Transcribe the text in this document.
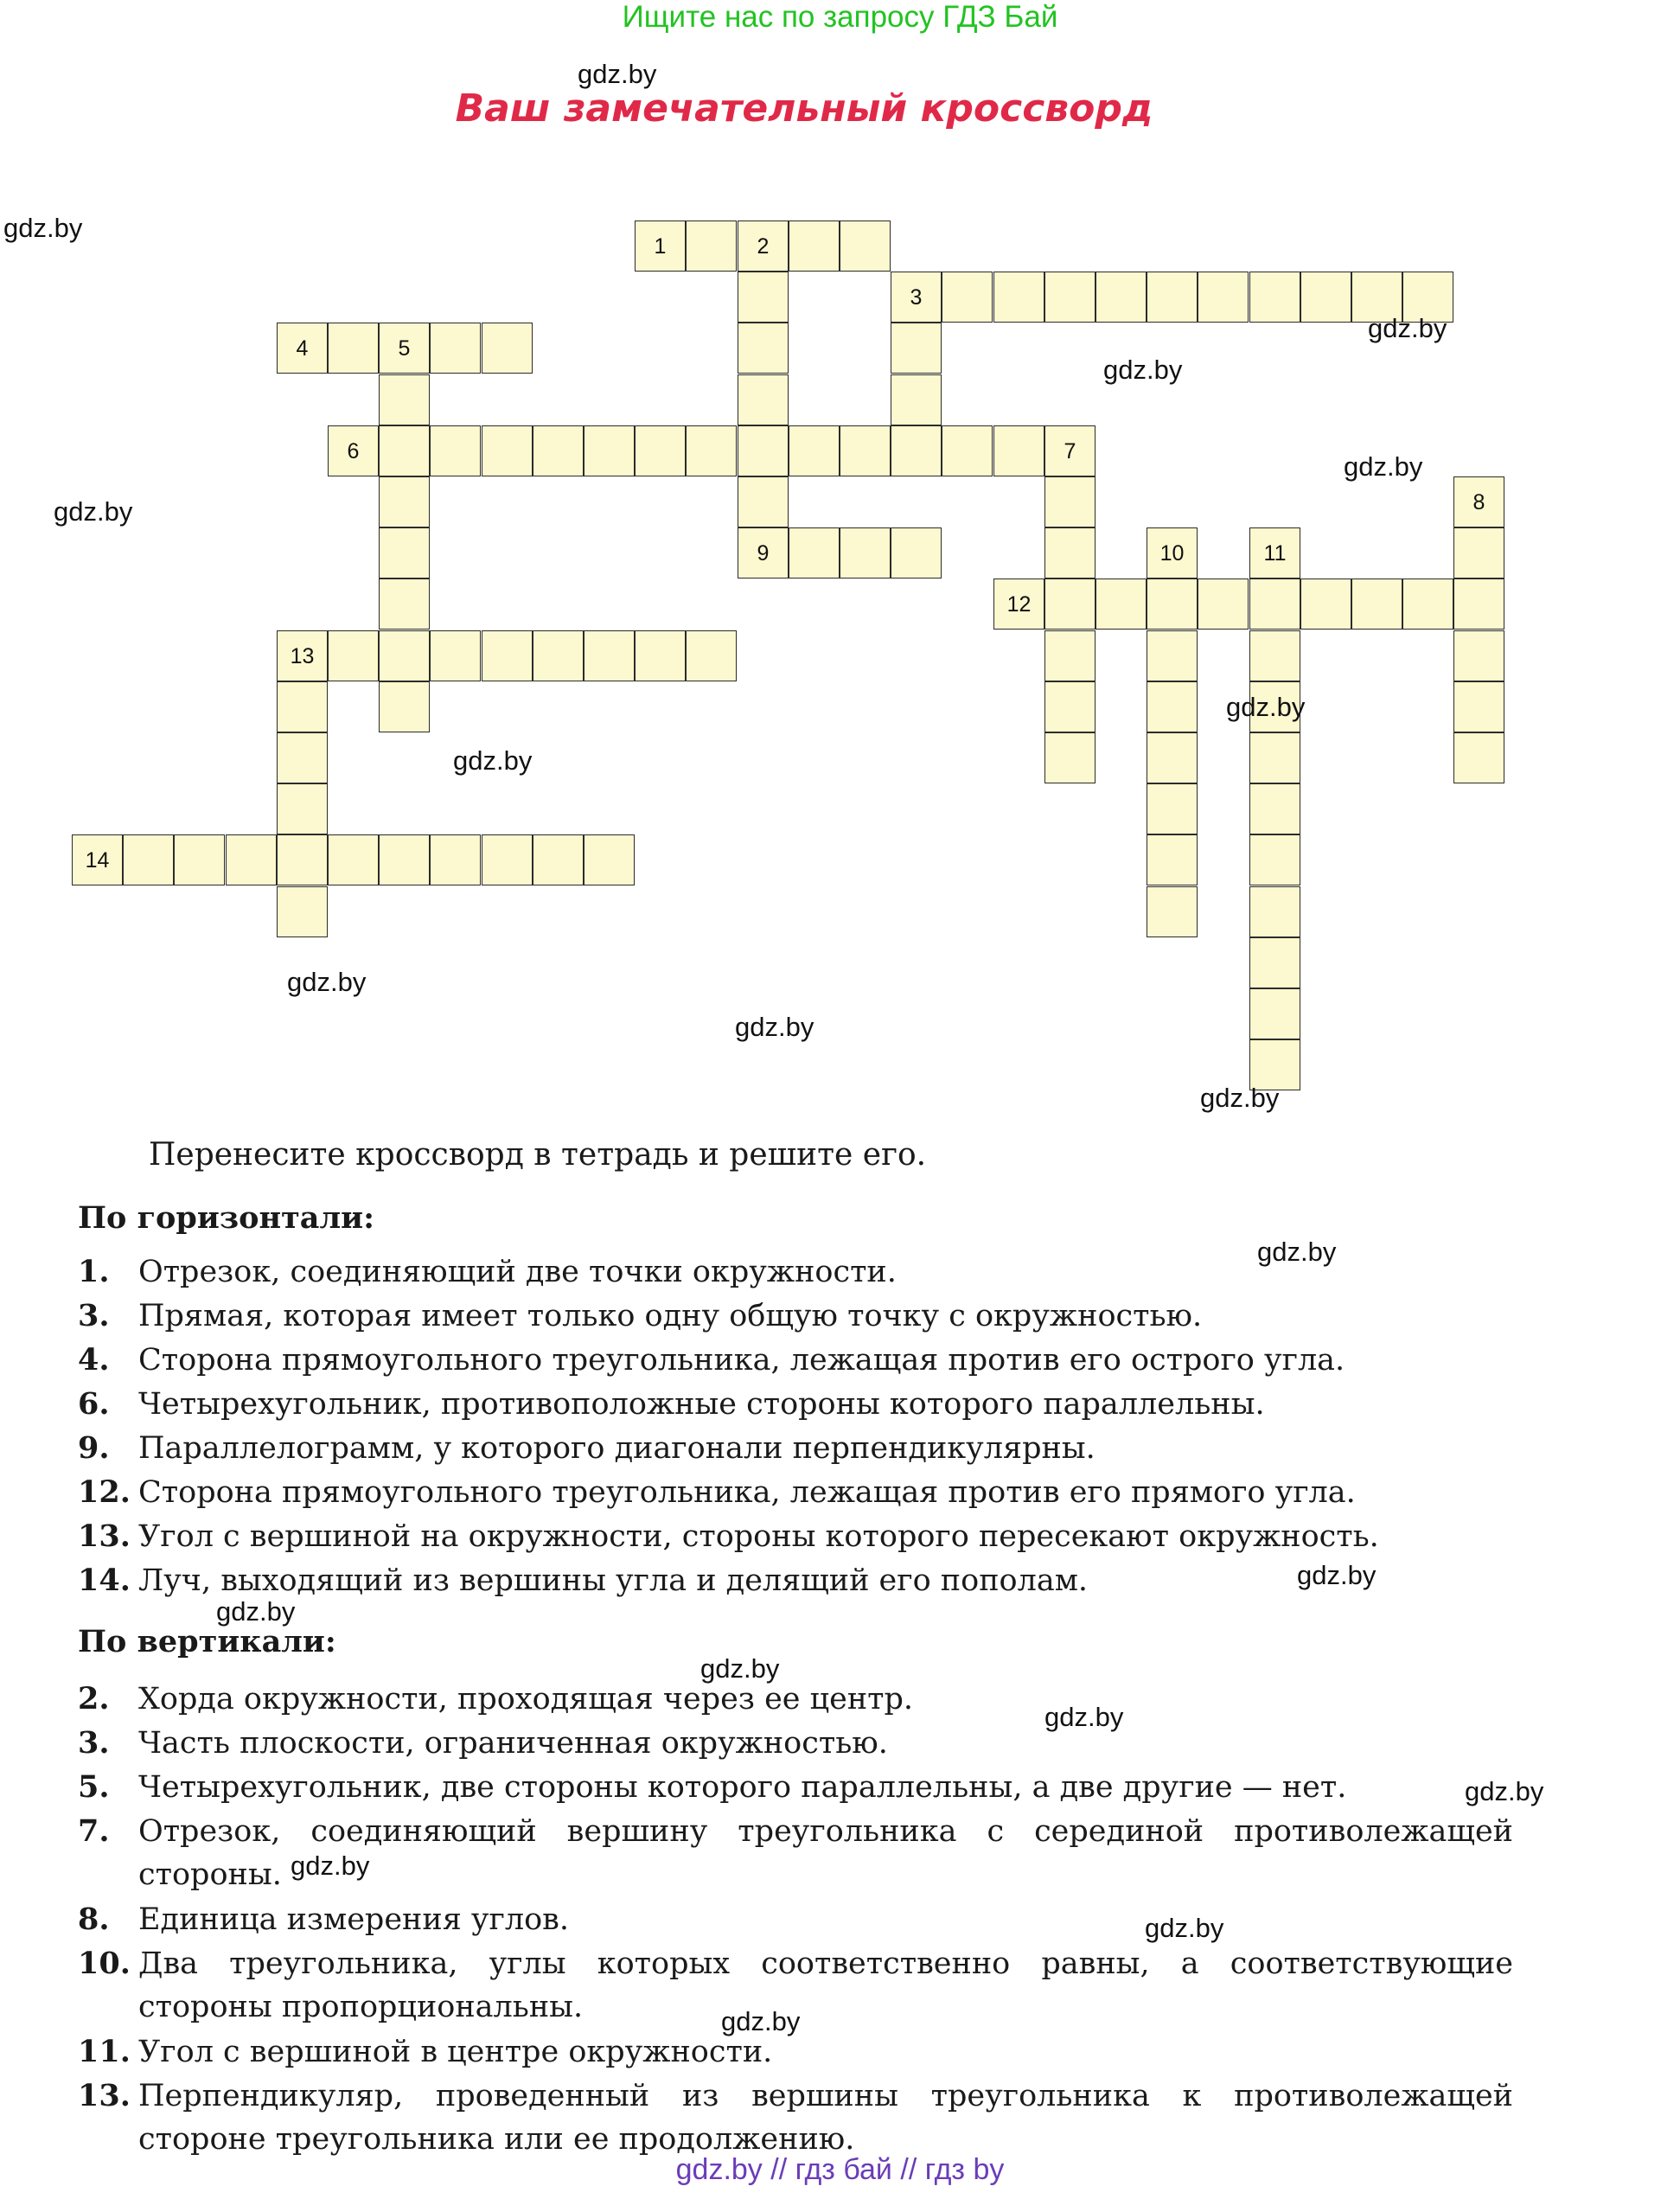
Ищите нас по запросу ГДЗ Бай
Ваш замечательный кроссворд
1	2
9
3
4	5
6	7
8
10	11
12
13
14
gdz.by
gdz.by
gdz.by
gdz.by
gdz.by
gdz.by
gdz.by
gdz.by
gdz.by
gdz.by
gdz.by
gdz.by
gdz.by
gdz.by
gdz.by
gdz.by
gdz.by
gdz.by
gdz.by
gdz.by
Перенесите кроссворд в тетрадь и решите его.
По горизонтали:
1. Отрезок, соединяющий две точки окружности.
3. Прямая, которая имеет только одну общую точку с окружностью.
4. Сторона прямоугольного треугольника, лежащая против его острого угла.
6. Четырехугольник, противоположные стороны которого параллельны.
9. Параллелограмм, у которого диагонали перпендикулярны.
12. Сторона прямоугольного треугольника, лежащая против его прямого угла.
13. Угол с вершиной на окружности, стороны которого пересекают окружность.
14. Луч, выходящий из вершины угла и делящий его пополам.
По вертикали:
2. Хорда окружности, проходящая через ее центр.
3. Часть плоскости, ограниченная окружностью.
5. Четырехугольник, две стороны которого параллельны, а две другие — нет.
7. Отрезок, соединяющий вершину треугольника с серединой противолежащей
стороны.
8. Единица измерения углов.
10. Два треугольника, углы которых соответственно равны, а соответствующие
стороны пропорциональны.
11. Угол с вершиной в центре окружности.
13. Перпендикуляр, проведенный из вершины треугольника к противолежащей
стороне треугольника или ее продолжению.
gdz.by // гдз бай // гдз by
